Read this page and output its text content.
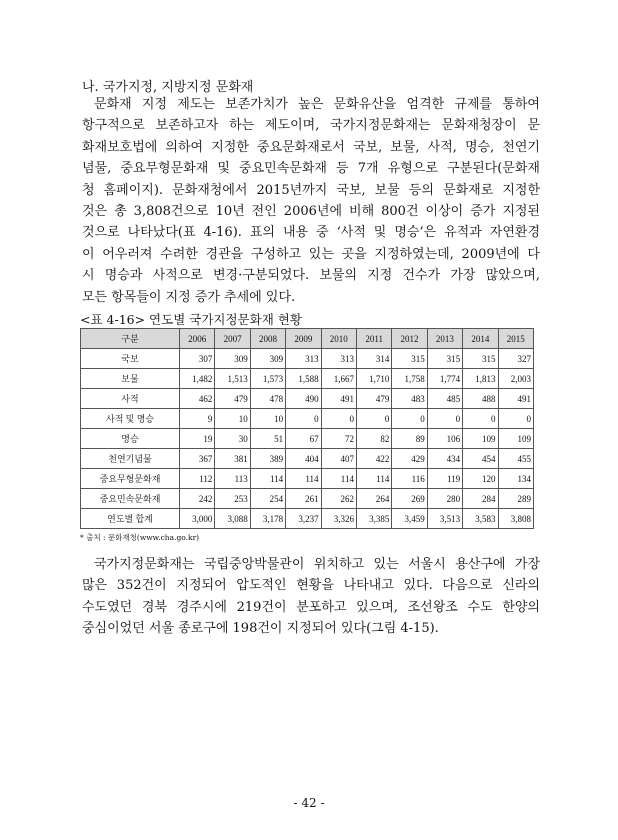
나. 국가지정, 지방지정 문화재
문화재 지정 제도는 보존가치가 높은 문화유산을 엄격한 규제를 통하여
항구적으로 보존하고자 하는 제도이며, 국가지정문화재는 문화재청장이 문
화재보호법에 의하여 지정한 중요문화재로서 국보, 보물, 사적, 명승, 천연기
념물, 중요무형문화재 및 중요민속문화재 등 7개 유형으로 구분된다(문화재
청 홈페이지). 문화재청에서 2015년까지 국보, 보물 등의 문화재로 지정한
것은 총 3,808건으로 10년 전인 2006년에 비해 800건 이상이 증가 지정된
것으로 나타났다(표 4-16). 표의 내용 중 ‘사적 및 명승’은 유적과 자연환경
이 어우러져 수려한 경관을 구성하고 있는 곳을 지정하였는데, 2009년에 다
시 명승과 사적으로 변경·구분되었다. 보물의 지정 건수가 가장 많았으며,
모든 항목들이 지정 증가 추세에 있다.
<표 4-16> 연도별 국가지정문화재 현황
구분	2006	2007	2008	2009	2010	2011	2012	2013	2014	2015
국보	307	309	309	313	313	314	315	315	315	327
보물	1,482	1,513	1,573	1,588	1,667	1,710	1,758	1,774	1,813	2,003
사적	462	479	478	490	491	479	483	485	488	491
사적 및 명승	9	10	10	0	0	0	0	0	0	0
명승	19	30	51	67	72	82	89	106	109	109
천연기념물	367	381	389	404	407	422	429	434	454	455
중요무형문화재	112	113	114	114	114	114	116	119	120	134
중요민속문화재	242	253	254	261	262	264	269	280	284	289
연도별 합계	3,000	3,088	3,178	3,237	3,326	3,385	3,459	3,513	3,583	3,808
* 출처 : 문화재청(www.cha.go.kr)
국가지정문화재는 국립중앙박물관이 위치하고 있는 서울시 용산구에 가장
많은 352건이 지정되어 압도적인 현황을 나타내고 있다. 다음으로 신라의
수도였던 경북 경주시에 219건이 분포하고 있으며, 조선왕조 수도 한양의
중심이었던 서울 종로구에 198건이 지정되어 있다(그림 4-15).
- 42 -
